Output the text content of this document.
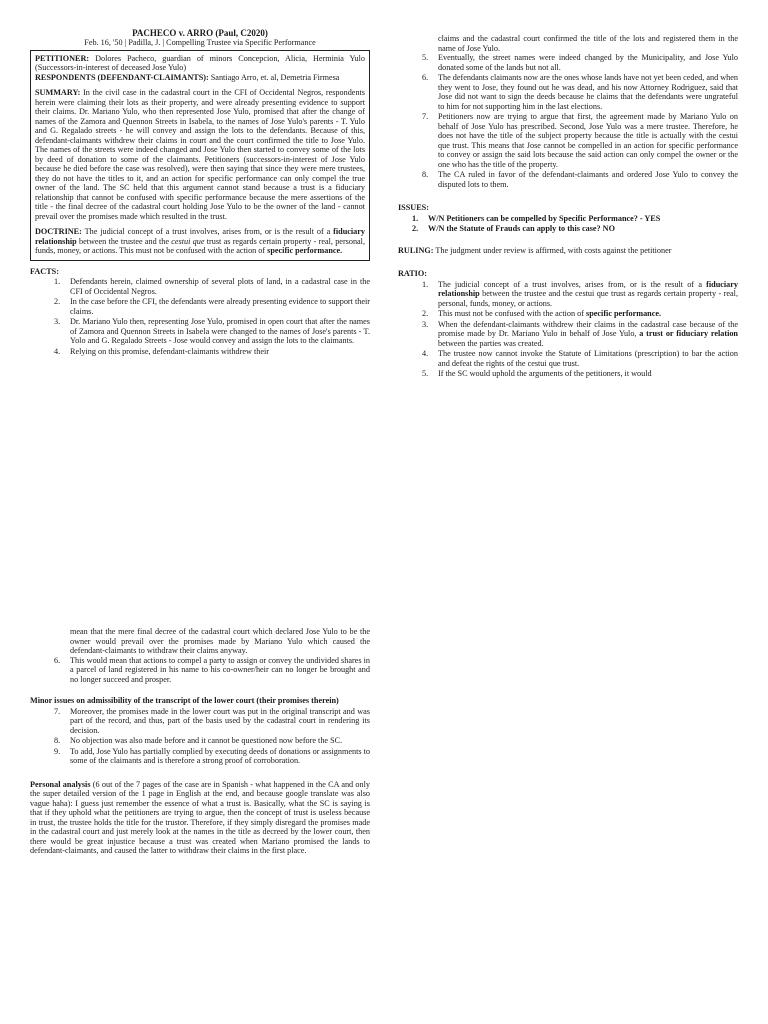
PACHECO v. ARRO (Paul, C2020)
Feb. 16, '50 | Padilla, J. | Compelling Trustee via Specific Performance

PETITIONER: Dolores Pacheco, guardian of minors Concepcion, Alicia, Herminia Yulo (Successors-in-interest of deceased Jose Yulo)
RESPONDENTS (DEFENDANT-CLAIMANTS): Santiago Arro, et. al, Demetria Firmesa

SUMMARY: In the civil case in the cadastral court in the CFI of Occidental Negros, respondents herein were claiming their lots as their property, and were already presenting evidence to support their claims. Dr. Mariano Yulo, who then represented Jose Yulo, promised that after the change of names of the Zamora and Quennon Streets in Isabela, to the names of Jose Yulo's parents - T. Yulo and G. Regalado streets - he will convey and assign the lots to the defendants. Because of this, defendant-claimants withdrew their claims in court and the court confirmed the title to Jose Yulo. The names of the streets were indeed changed and Jose Yulo then started to convey some of the lots by deed of donation to some of the claimants. Petitioners (successors-in-interest of Jose Yulo because he died before the case was resolved), were then saying that since they were mere trustees, they do not have the titles to it, and an action for specific performance can only compel the true owner of the land. The SC held that this argument cannot stand because a trust is a fiduciary relationship that cannot be confused with specific performance because the mere assertions of the title - the final decree of the cadastral court holding Jose Yulo to be the owner of the land - cannot prevail over the promises made which resulted in the trust.

DOCTRINE: The judicial concept of a trust involves, arises from, or is the result of a fiduciary relationship between the trustee and the cestui que trust as regards certain property - real, personal, funds, money, or actions. This must not be confused with the action of specific performance.

FACTS:
1. Defendants herein, claimed ownership of several plots of land, in a cadastral case in the CFI of Occidental Negros.
2. In the case before the CFI, the defendants were already presenting evidence to support their claims.
3. Dr. Mariano Yulo then, representing Jose Yulo, promised in open court that after the names of Zamora and Quennon Streets in Isabela were changed to the names of Jose's parents - T. Yolo and G. Regalado Streets - Jose would convey and assign the lots to the claimants.
4. Relying on this promise, defendant-claimants withdrew their
claims and the cadastral court confirmed the title of the lots and registered them in the name of Jose Yulo.
5. Eventually, the street names were indeed changed by the Municipality, and Jose Yulo donated some of the lands but not all.
6. The defendants claimants now are the ones whose lands have not yet been ceded, and when they went to Jose, they found out he was dead, and his now Attorney Rodriguez, said that Jose did not want to sign the deeds because he claims that the defendants were ungrateful to him for not supporting him in the last elections.
7. Petitioners now are trying to argue that first, the agreement made by Mariano Yulo on behalf of Jose Yulo has prescribed. Second, Jose Yulo was a mere trustee. Therefore, he does not have the title of the subject property because the title is actually with the cestui que trust. This means that Jose cannot be compelled in an action for specific performance to convey or assign the said lots because the said action can only compel the owner or the one who has the title of the property.
8. The CA ruled in favor of the defendant-claimants and ordered Jose Yulo to convey the disputed lots to them.
ISSUES:
1. W/N Petitioners can be compelled by Specific Performance? - YES
2. W/N the Statute of Frauds can apply to this case? NO

RULING: The judgment under review is affirmed, with costs against the petitioner

RATIO:
1. The judicial concept of a trust involves, arises from, or is the result of a fiduciary relationship between the trustee and the cestui que trust as regards certain property - real, personal, funds, money, or actions.
2. This must not be confused with the action of specific performance.
3. When the defendant-claimants withdrew their claims in the cadastral case because of the promise made by Dr. Mariano Yulo in behalf of Jose Yulo, a trust or fiduciary relation between the parties was created.
4. The trustee now cannot invoke the Statute of Limitations (prescription) to bar the action and defeat the rights of the cestui que trust.
5. If the SC would uphold the arguments of the petitioners, it would
mean that the mere final decree of the cadastral court which declared Jose Yulo to be the owner would prevail over the promises made by Mariano Yulo which caused the defendant-claimants to withdraw their claims anyway.
6. This would mean that actions to compel a party to assign or convey the undivided shares in a parcel of land registered in his name to his co-owner/heir can no longer be brought and no longer succeed and prosper.
Minor issues on admissibility of the transcript of the lower court (their promises therein)
7. Moreover, the promises made in the lower court was put in the original transcript and was part of the record, and thus, part of the basis used by the cadastral court in rendering its decision.
8. No objection was also made before and it cannot be questioned now before the SC.
9. To add, Jose Yulo has partially complied by executing deeds of donations or assignments to some of the claimants and is therefore a strong proof of corroboration.

Personal analysis (6 out of the 7 pages of the case are in Spanish - what happened in the CA and only the super detailed version of the 1 page in English at the end, and because google translate was also vague haha): I guess just remember the essence of what a trust is. Basically, what the SC is saying is that if they uphold what the petitioners are trying to argue, then the concept of trust is useless because in trust, the trustee holds the title for the trustor. Therefore, if they simply disregard the promises made in the cadastral court and just merely look at the names in the title as decreed by the lower court, then there would be great injustice because a trust was created when Mariano promised the lands to defendant-claimants, and caused the latter to withdraw their claims in the first place.
